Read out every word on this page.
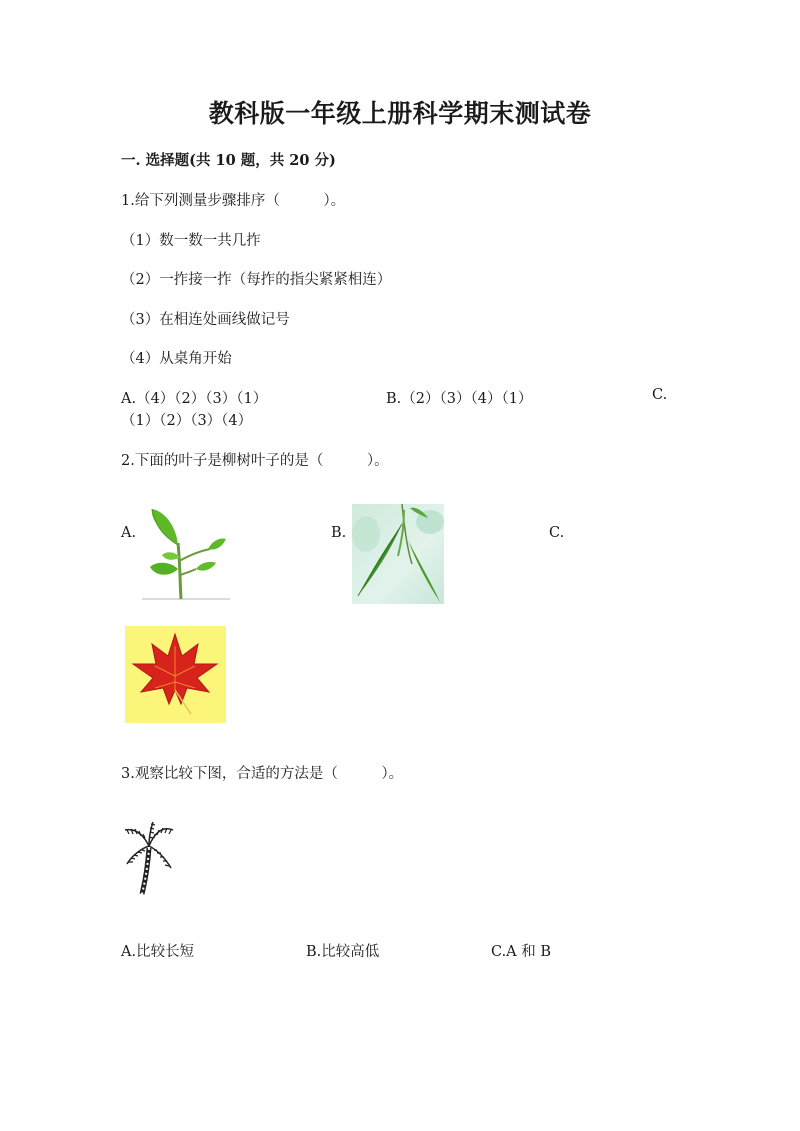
教科版一年级上册科学期末测试卷
一. 选择题(共 10 题，共 20 分)
1.给下列测量步骤排序（　　　）。
（1）数一数一共几拃
（2）一拃接一拃（每拃的指尖紧紧相连）
（3）在相连处画线做记号
（4）从桌角开始
A.（4）（2）（3）（1）	B.（2）（3）（4）（1）	C.
（1）（2）（3）（4）
2.下面的叶子是柳树叶子的是（　　　）。
A.	B.	C.
3.观察比较下图，合适的方法是（　　　）。
A.比较长短	B.比较高低	C.A 和 B
